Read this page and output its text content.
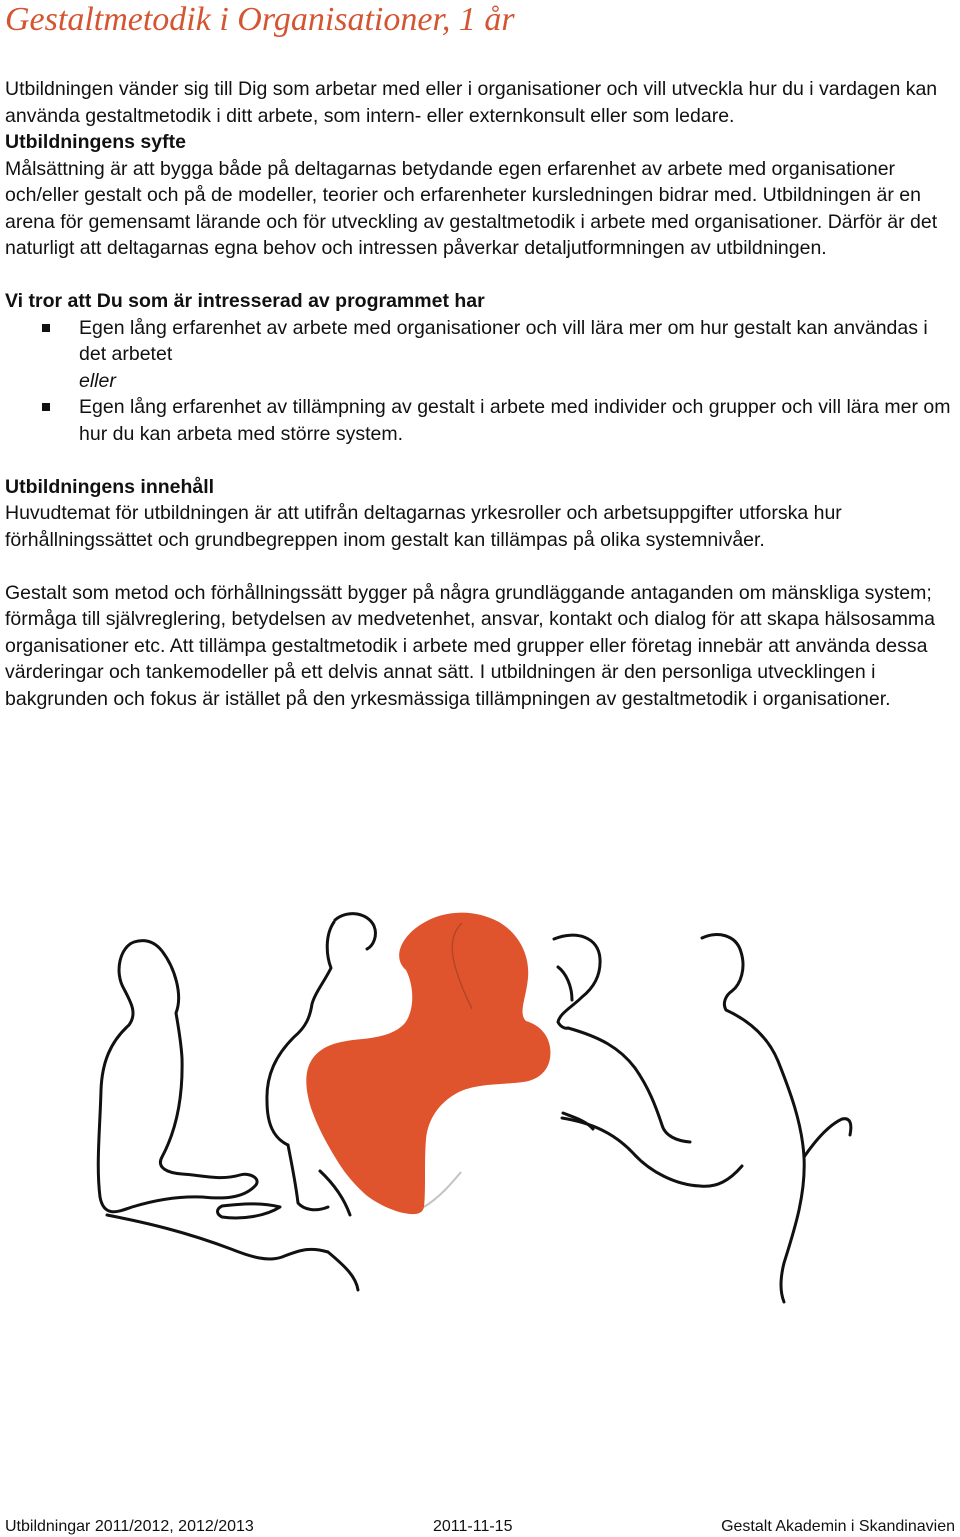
Gestaltmetodik i Organisationer, 1 år

Utbildningen vänder sig till Dig som arbetar med eller i organisationer och vill utveckla hur du i vardagen kan använda gestaltmetodik i ditt arbete, som intern- eller externkonsult eller som ledare.

Utbildningens syfte

Målsättning är att bygga både på deltagarnas betydande egen erfarenhet av arbete med organisationer och/eller gestalt och på de modeller, teorier och erfarenheter kursledningen bidrar med. Utbildningen är en arena för gemensamt lärande och för utveckling av gestaltmetodik i arbete med organisationer. Därför är det naturligt att deltagarnas egna behov och intressen påverkar detaljutformningen av utbildningen.

Vi tror att Du som är intresserad av programmet har

Egen lång erfarenhet av arbete med organisationer och vill lära mer om hur gestalt kan användas i det arbetet
eller
Egen lång erfarenhet av tillämpning av gestalt i arbete med individer och grupper och vill lära mer om hur du kan arbeta med större system.

Utbildningens innehåll

Huvudtemat för utbildningen är att utifrån deltagarnas yrkesroller och arbetsuppgifter utforska hur förhållningssättet och grundbegreppen inom gestalt kan tillämpas på olika systemnivåer.

Gestalt som metod och förhållningssätt bygger på några grundläggande antaganden om mänskliga system; förmåga till självreglering, betydelsen av medvetenhet, ansvar, kontakt och dialog för att skapa hälsosamma organisationer etc. Att tillämpa gestaltmetodik i arbete med grupper eller företag innebär att använda dessa värderingar och tankemodeller på ett delvis annat sätt. I utbildningen är den personliga utvecklingen i bakgrunden och fokus är istället på den yrkesmässiga tillämpningen av gestaltmetodik i organisationer.

Utbildningar 2011/2012, 2012/2013	2011-11-15	Gestalt Akademin i Skandinavien
